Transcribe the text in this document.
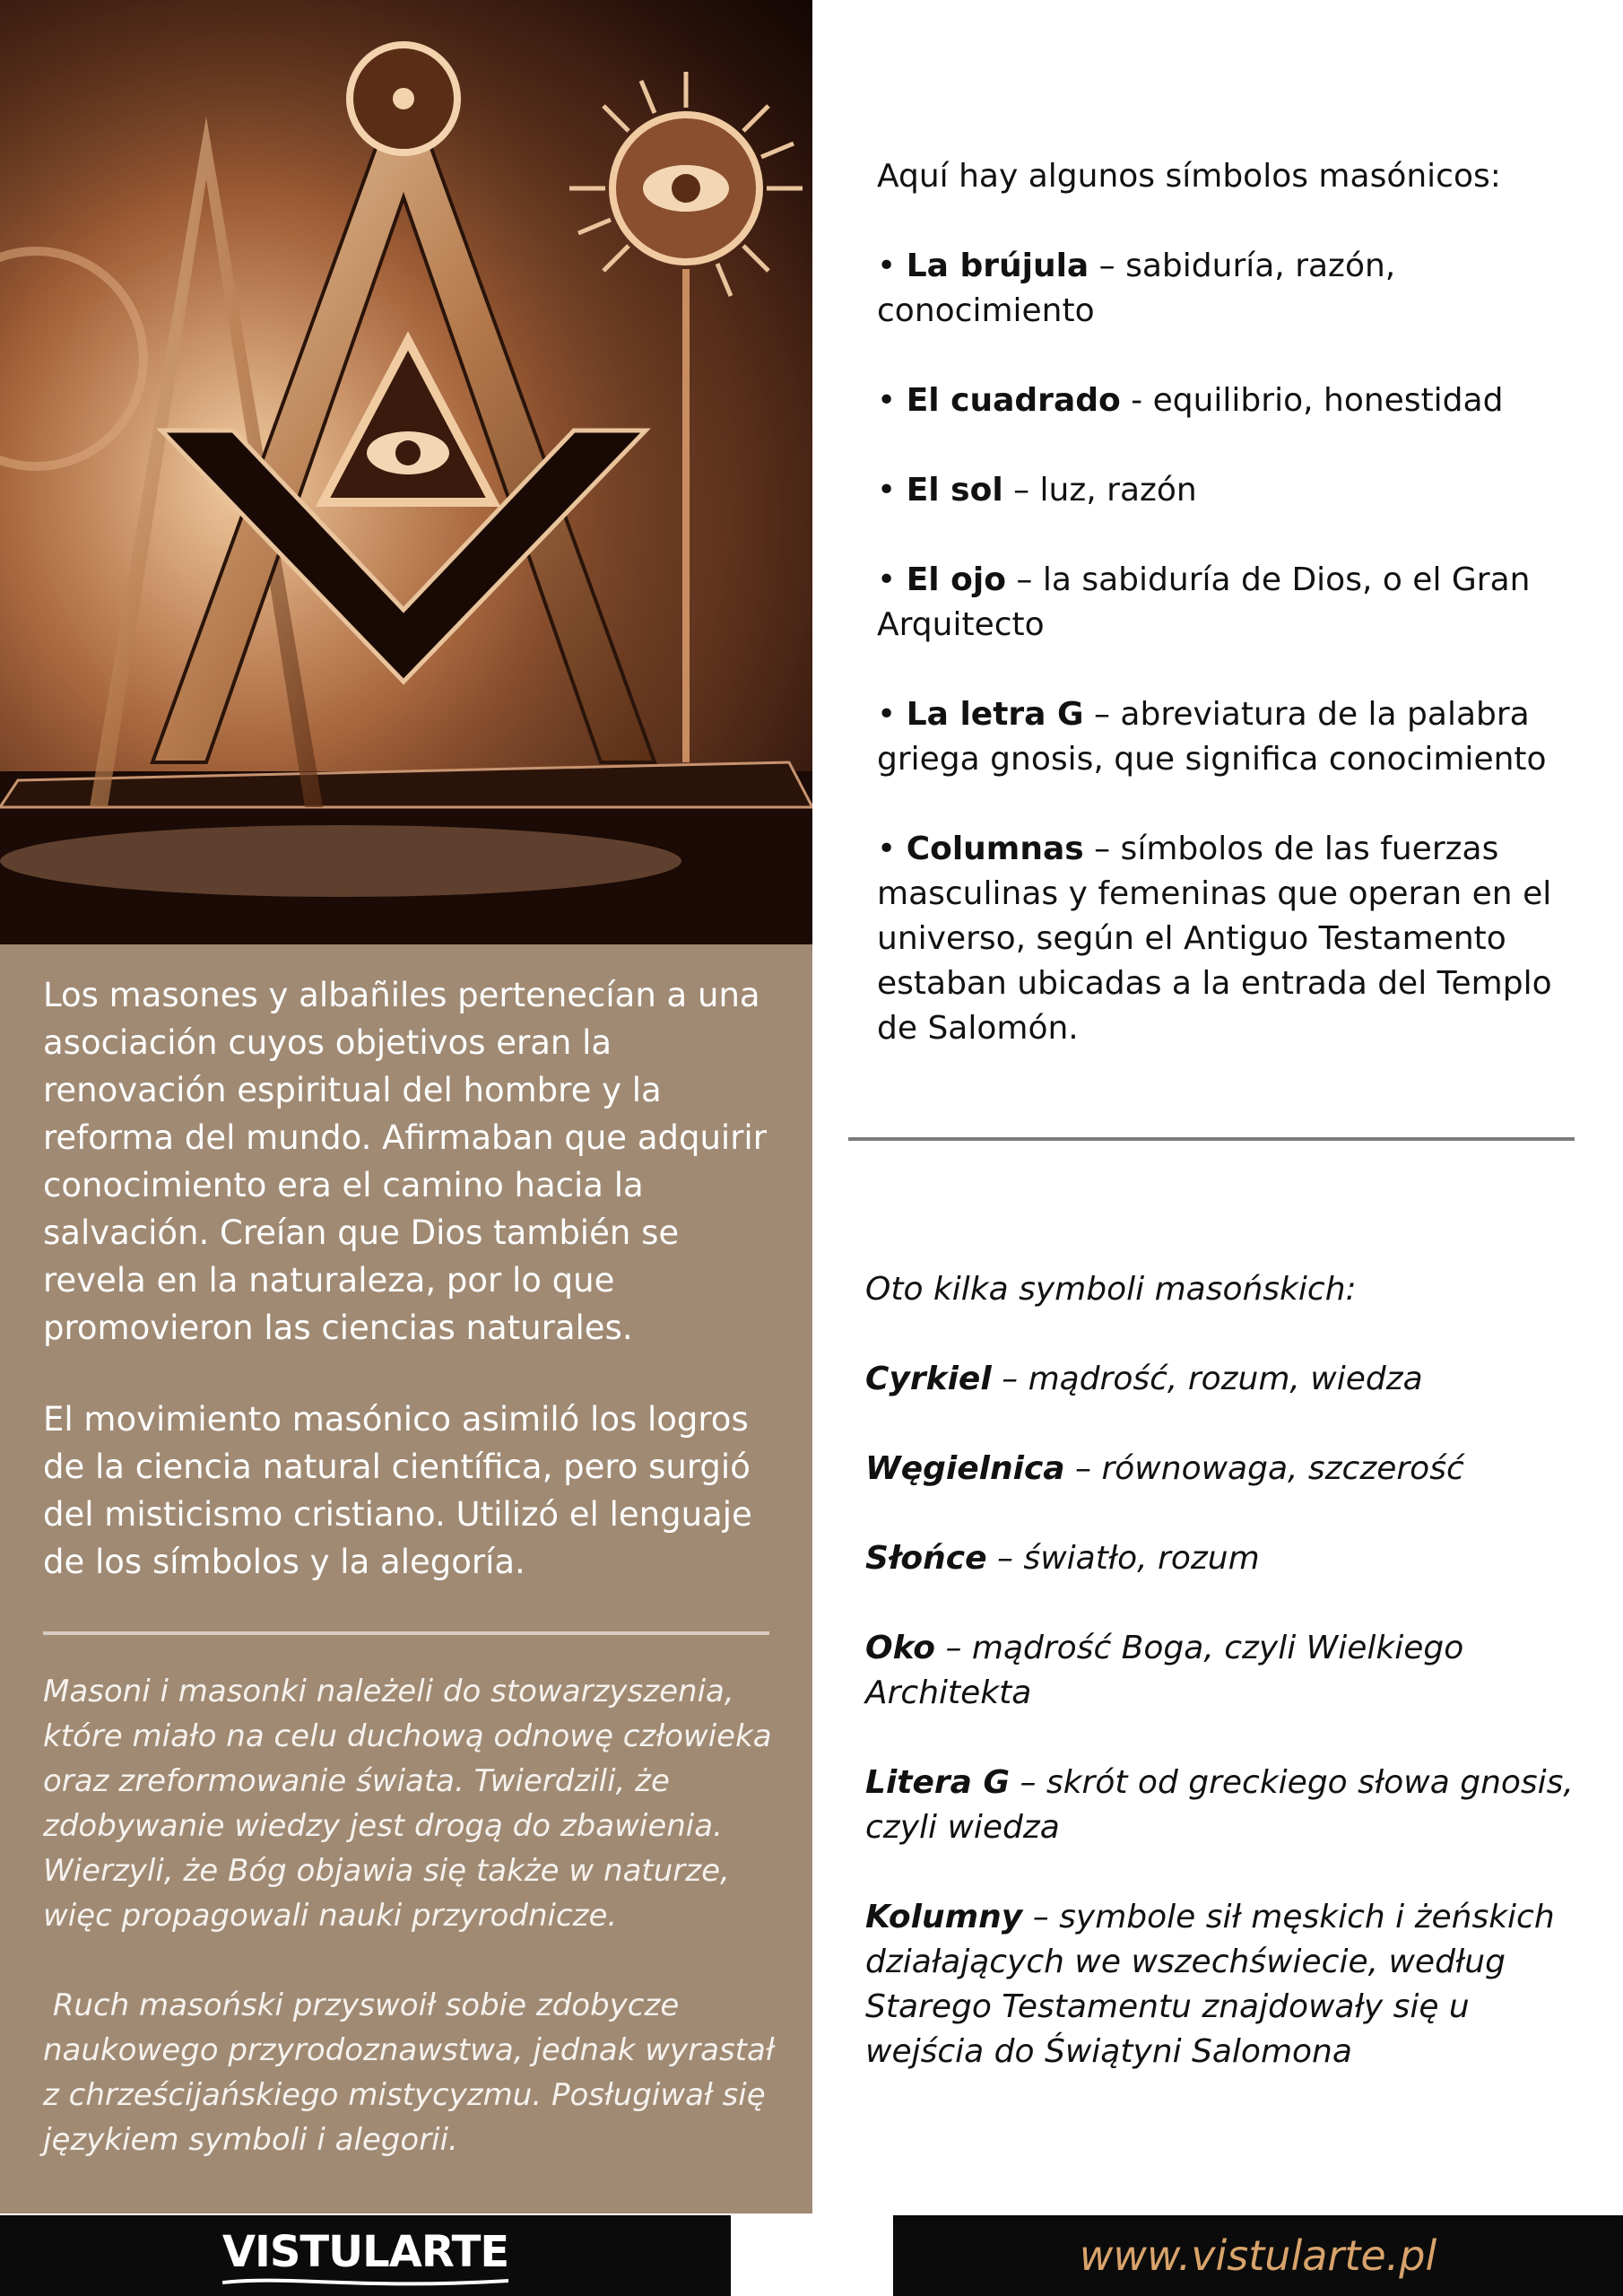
Los masones y albañiles pertenecían a una asociación cuyos objetivos eran la renovación espiritual del hombre y la reforma del mundo. Afirmaban que adquirir conocimiento era el camino hacia la salvación. Creían que Dios también se revela en la naturaleza, por lo que promovieron las ciencias naturales.

El movimiento masónico asimiló los logros de la ciencia natural científica, pero surgió del misticismo cristiano. Utilizó el lenguaje de los símbolos y la alegoría.

Masoni i masonki należeli do stowarzyszenia, które miało na celu duchową odnowę człowieka oraz zreformowanie świata. Twierdzili, że zdobywanie wiedzy jest drogą do zbawienia. Wierzyli, że Bóg objawia się także w naturze, więc propagowali nauki przyrodnicze.

Ruch masoński przyswoił sobie zdobycze naukowego przyrodoznawstwa, jednak wyrastał z chrześcijańskiego mistycyzmu. Posługiwał się językiem symboli i alegorii.

Aquí hay algunos símbolos masónicos:

• La brújula – sabiduría, razón, conocimiento

• El cuadrado - equilibrio, honestidad

• El sol – luz, razón

• El ojo – la sabiduría de Dios, o el Gran Arquitecto

• La letra G – abreviatura de la palabra griega gnosis, que significa conocimiento

• Columnas – símbolos de las fuerzas masculinas y femeninas que operan en el universo, según el Antiguo Testamento estaban ubicadas a la entrada del Templo de Salomón.

Oto kilka symboli masońskich:

Cyrkiel – mądrość, rozum, wiedza

Węgielnica – równowaga, szczerość

Słońce – światło, rozum

Oko – mądrość Boga, czyli Wielkiego Architekta

Litera G – skrót od greckiego słowa gnosis, czyli wiedza

Kolumny – symbole sił męskich i żeńskich działających we wszechświecie, według Starego Testamentu znajdowały się u wejścia do Świątyni Salomona

VISTULARTE	www.vistularte.pl
